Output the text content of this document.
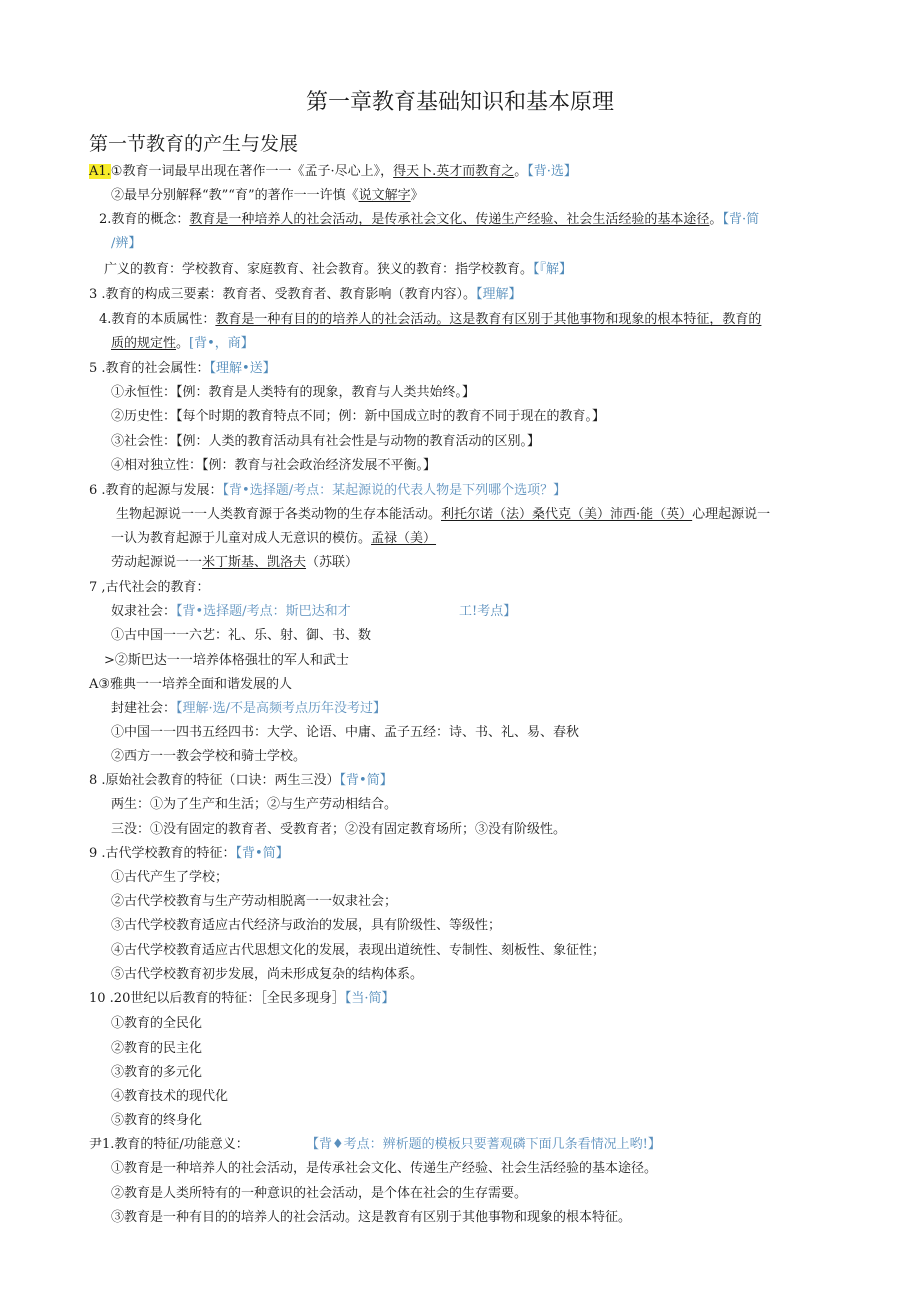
第一章教育基础知识和基本原理
第一节教育的产生与发展
A1.①教育一词最早出现在著作一一《孟子·尽心上》，得天卜.英才而教育之。【背·选】
②最早分别解释“教”“育”的著作一一许慎《说文解字》
2.教育的概念：教育是一种培养人的社会活动，是传承社会文化、传递生产经验、社会生活经验的基本途径。【背·简
/辨】
广义的教育：学校教育、家庭教育、社会教育。狭义的教育：指学校教育。【『解】
3 .教育的构成三要素：教育者、受教育者、教育影响（教育内容）。【理解】
4.教育的本质属性：教育是一种有目的的培养人的社会活动。这是教育有区别于其他事物和现象的根本特征，教育的
质的规定性。[背•，商】
5 .教育的社会属性：【理解•送】
①永恒性：【例：教育是人类特有的现象，教育与人类共始终。】
②历史性：【每个时期的教育特点不同；例：新中国成立时的教育不同于现在的教育。】
③社会性：【例：人类的教育活动具有社会性是与动物的教育活动的区别。】
④相对独立性：【例：教育与社会政治经济发展不平衡。】
6 .教育的起源与发展：【背•选择题/考点：某起源说的代表人物是下列哪个选项？】
生物起源说一一人类教育源于各类动物的生存本能活动。利托尔诺（法）桑代克（美）沛西·能（英）心理起源说一
一认为教育起源于儿童对成人无意识的模仿。孟禄（美）
劳动起源说一一米丁斯基、凯洛夫（苏联）
7 ,古代社会的教育：
奴隶社会：【背•选择题/考点：斯巴达和才	工!考点】
①古中国一一六艺：礼、乐、射、御、书、数
>②斯巴达一一培养体格强壮的军人和武士
A③雅典一一培养全面和谐发展的人
封建社会：【理解·选/不是高频考点历年没考过】
①中国一一四书五经四书：大学、论语、中庸、孟子五经：诗、书、礼、易、春秋
②西方一一教会学校和骑士学校。
8 .原始社会教育的特征（口诀：两生三没）【背•简】
两生：①为了生产和生活；②与生产劳动相结合。
三没：①没有固定的教育者、受教育者；②没有固定教育场所；③没有阶级性。
9 .古代学校教育的特征：【背•简】
①古代产生了学校；
②古代学校教育与生产劳动相脱离一一奴隶社会；
③古代学校教育适应古代经济与政治的发展，具有阶级性、等级性；
④古代学校教育适应古代思想文化的发展，表现出道统性、专制性、刻板性、象征性；
⑤古代学校教育初步发展，尚未形成复杂的结构体系。
10 .20世纪以后教育的特征：［全民多现身］【当·简】
①教育的全民化
②教育的民主化
③教育的多元化
④教育技术的现代化
⑤教育的终身化
尹1.教育的特征/功能意义：	【背♦考点：辨析题的模板只要蓍观磷下面几条看情况上哟!】
①教育是一种培养人的社会活动，是传承社会文化、传递生产经验、社会生活经验的基本途径。
②教育是人类所特有的一种意识的社会活动，是个体在社会的生存需要。
③教育是一种有目的的培养人的社会活动。这是教育有区别于其他事物和现象的根本特征。
